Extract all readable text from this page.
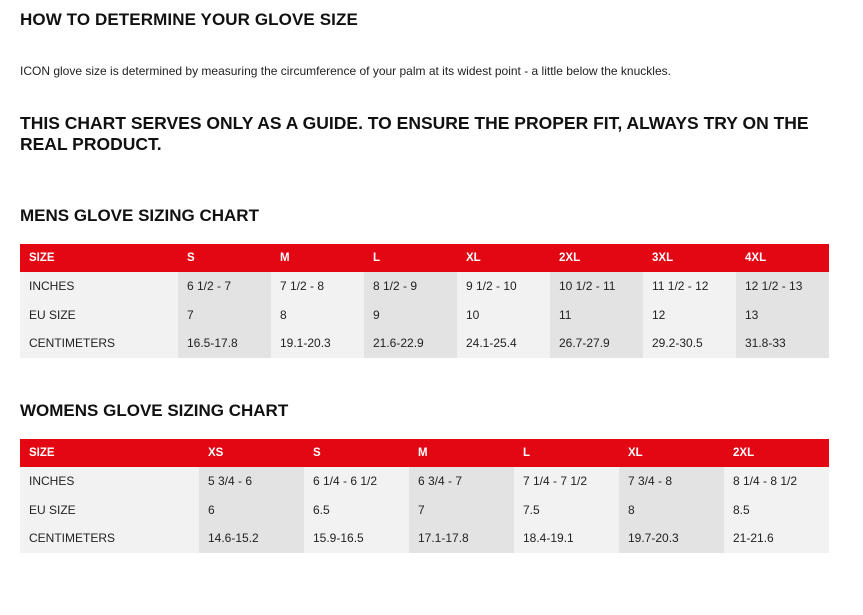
HOW TO DETERMINE YOUR GLOVE SIZE

ICON glove size is determined by measuring the circumference of your palm at its widest point - a little below the knuckles.

THIS CHART SERVES ONLY AS A GUIDE. TO ENSURE THE PROPER FIT, ALWAYS TRY ON THE REAL PRODUCT.

MENS GLOVE SIZING CHART
SIZE	S	M	L	XL	2XL	3XL	4XL
INCHES	6 1/2 - 7	7 1/2 - 8	8 1/2 - 9	9 1/2 - 10	10 1/2 - 11	11 1/2 - 12	12 1/2 - 13
EU SIZE	7	8	9	10	11	12	13
CENTIMETERS	16.5-17.8	19.1-20.3	21.6-22.9	24.1-25.4	26.7-27.9	29.2-30.5	31.8-33
WOMENS GLOVE SIZING CHART
SIZE	XS	S	M	L	XL	2XL
INCHES	5 3/4 - 6	6 1/4 - 6 1/2	6 3/4 - 7	7 1/4 - 7 1/2	7 3/4 - 8	8 1/4 - 8 1/2
EU SIZE	6	6.5	7	7.5	8	8.5
CENTIMETERS	14.6-15.2	15.9-16.5	17.1-17.8	18.4-19.1	19.7-20.3	21-21.6
